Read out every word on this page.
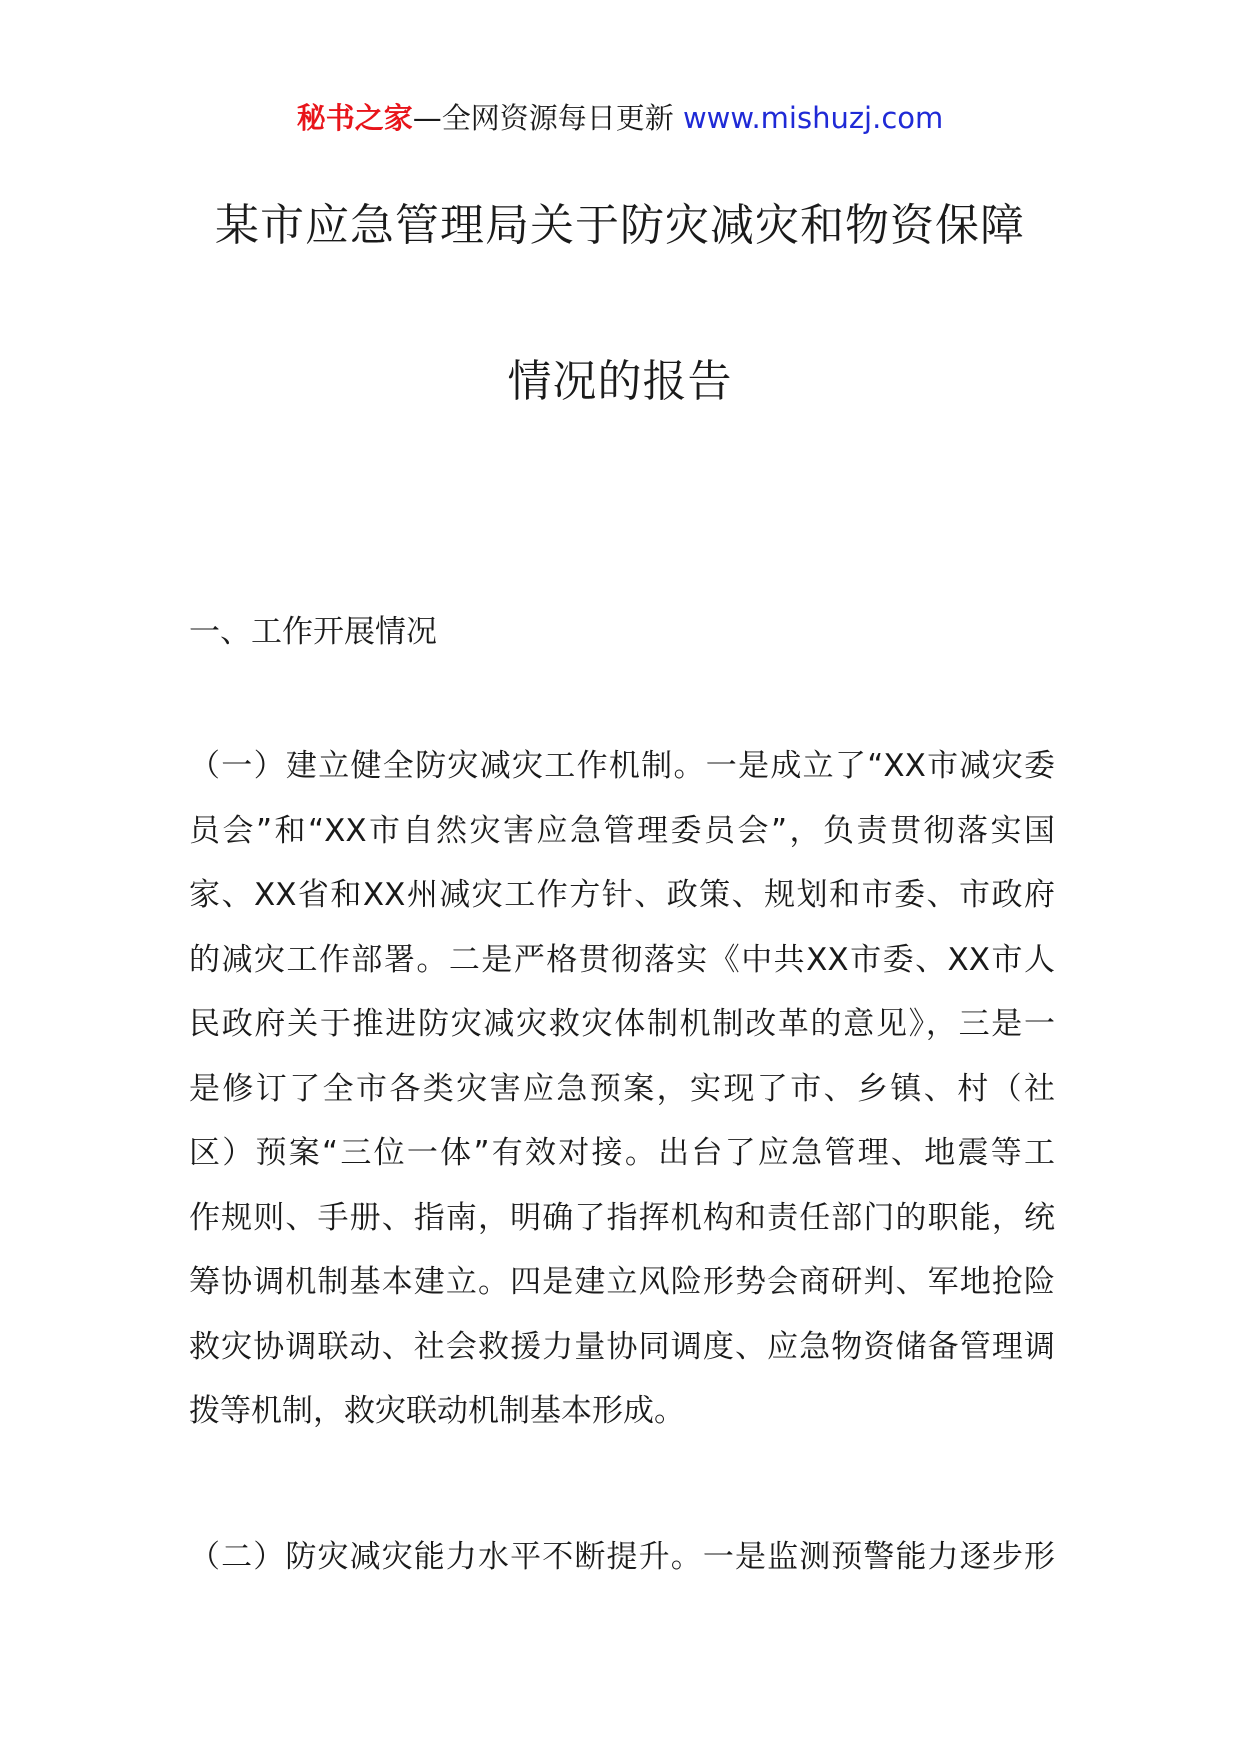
秘书之家—全网资源每日更新 www.mishuzj.com
某市应急管理局关于防灾减灾和物资保障
情况的报告
一、工作开展情况
（一）建立健全防灾减灾工作机制。一是成立了“XX市减灾委
员会”和“XX市自然灾害应急管理委员会”，负责贯彻落实国
家、XX省和XX州减灾工作方针、政策、规划和市委、市政府
的减灾工作部署。二是严格贯彻落实《中共XX市委、XX市人
民政府关于推进防灾减灾救灾体制机制改革的意见》，三是一
是修订了全市各类灾害应急预案，实现了市、乡镇、村（社
区）预案“三位一体”有效对接。出台了应急管理、地震等工
作规则、手册、指南，明确了指挥机构和责任部门的职能，统
筹协调机制基本建立。四是建立风险形势会商研判、军地抢险
救灾协调联动、社会救援力量协同调度、应急物资储备管理调
拨等机制，救灾联动机制基本形成。
（二）防灾减灾能力水平不断提升。一是监测预警能力逐步形
